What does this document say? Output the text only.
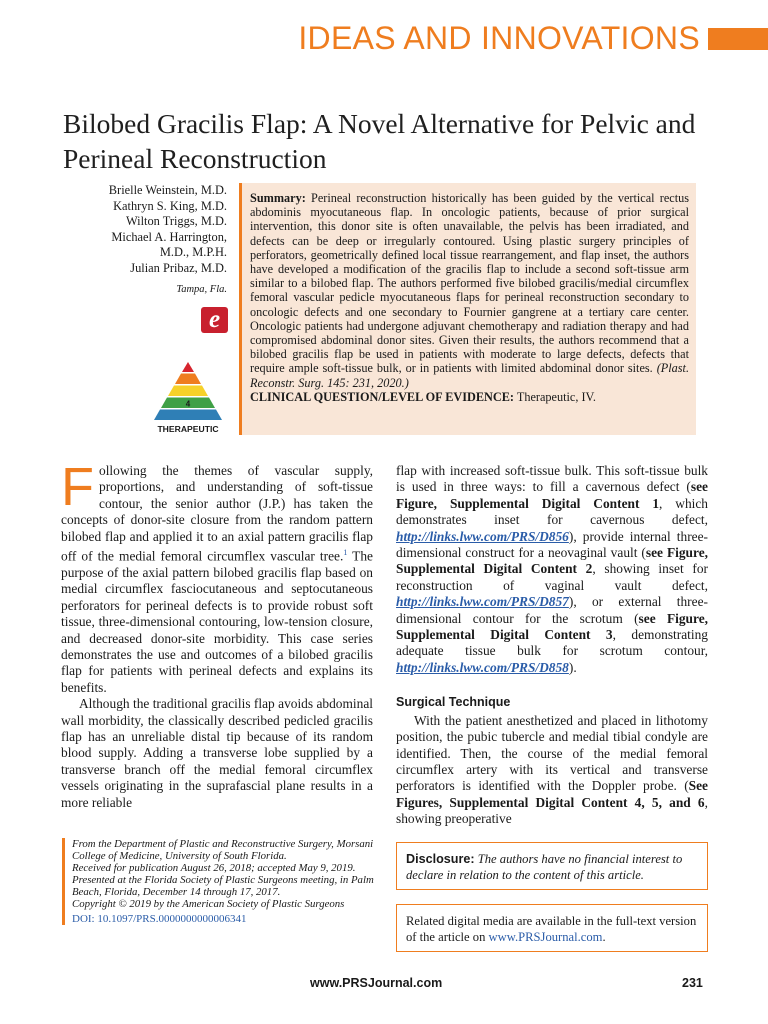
IDEAS AND INNOVATIONS
Bilobed Gracilis Flap: A Novel Alternative for Pelvic and Perineal Reconstruction
Brielle Weinstein, M.D.
Kathryn S. King, M.D.
Wilton Triggs, M.D.
Michael A. Harrington,
M.D., M.P.H.
Julian Pribaz, M.D.
Tampa, Fla.
e
4
THERAPEUTIC
Summary: Perineal reconstruction historically has been guided by the vertical rectus abdominis myocutaneous flap. In oncologic patients, because of prior surgical intervention, this donor site is often unavailable, the pelvis has been irradiated, and defects can be deep or irregularly contoured. Using plastic surgery principles of perforators, geometrically defined local tissue rearrangement, and flap inset, the authors have developed a modification of the gracilis flap to include a second soft-tissue arm similar to a bilobed flap. The authors performed five bilobed gracilis/medial circumflex femoral vascular pedicle myocutaneous flaps for perineal reconstruction secondary to oncologic defects and one secondary to Fournier gangrene at a tertiary care center. Oncologic patients had undergone adjuvant chemotherapy and radiation therapy and had compromised abdominal donor sites. Given their results, the authors recommend that a bilobed gracilis flap be used in patients with moderate to large defects, defects that require ample soft-tissue bulk, or in patients with limited abdominal donor sites. (Plast. Reconstr. Surg. 145: 231, 2020.)
CLINICAL QUESTION/LEVEL OF EVIDENCE: Therapeutic, IV.

Following the themes of vascular supply, proportions, and understanding of soft-tissue contour, the senior author (J.P.) has taken the concepts of donor-site closure from the random pattern bilobed flap and applied it to an axial pattern gracilis flap off of the medial femoral circumflex vascular tree.$^1$ The purpose of the axial pattern bilobed gracilis flap based on medial circumflex fasciocutaneous and septocutaneous perforators for perineal defects is to provide robust soft tissue, three-dimensional contouring, low-tension closure, and decreased donor-site morbidity. This case series demonstrates the use and outcomes of a bilobed gracilis flap for patients with perineal defects and explains its benefits.

Although the traditional gracilis flap avoids abdominal wall morbidity, the classically described pedicled gracilis flap has an unreliable distal tip because of its random blood supply. Adding a transverse lobe supplied by a transverse branch off the medial femoral circumflex vessels originating in the suprafascial plane results in a more reliable

flap with increased soft-tissue bulk. This soft-tissue bulk is used in three ways: to fill a cavernous defect (see Figure, Supplemental Digital Content 1, which demonstrates inset for cavernous defect, http://links.lww.com/PRS/D856), provide internal three-dimensional construct for a neovaginal vault (see Figure, Supplemental Digital Content 2, showing inset for reconstruction of vaginal vault defect, http://links.lww.com/PRS/D857), or external three-dimensional contour for the scrotum (see Figure, Supplemental Digital Content 3, demonstrating adequate tissue bulk for scrotum contour, http://links.lww.com/PRS/D858).

Surgical Technique

With the patient anesthetized and placed in lithotomy position, the pubic tubercle and medial tibial condyle are identified. Then, the course of the medial femoral circumflex artery with its vertical and transverse perforators is identified with the Doppler probe. (See Figures, Supplemental Digital Content 4, 5, and 6, showing preoperative

From the Department of Plastic and Reconstructive Surgery, Morsani College of Medicine, University of South Florida.
Received for publication August 26, 2018; accepted May 9, 2019.
Presented at the Florida Society of Plastic Surgeons meeting, in Palm Beach, Florida, December 14 through 17, 2017.
Copyright © 2019 by the American Society of Plastic Surgeons
DOI: 10.1097/PRS.0000000000006341
Disclosure: The authors have no financial interest to declare in relation to the content of this article.
Related digital media are available in the full-text version of the article on www.PRSJournal.com.
www.PRSJournal.com	231
